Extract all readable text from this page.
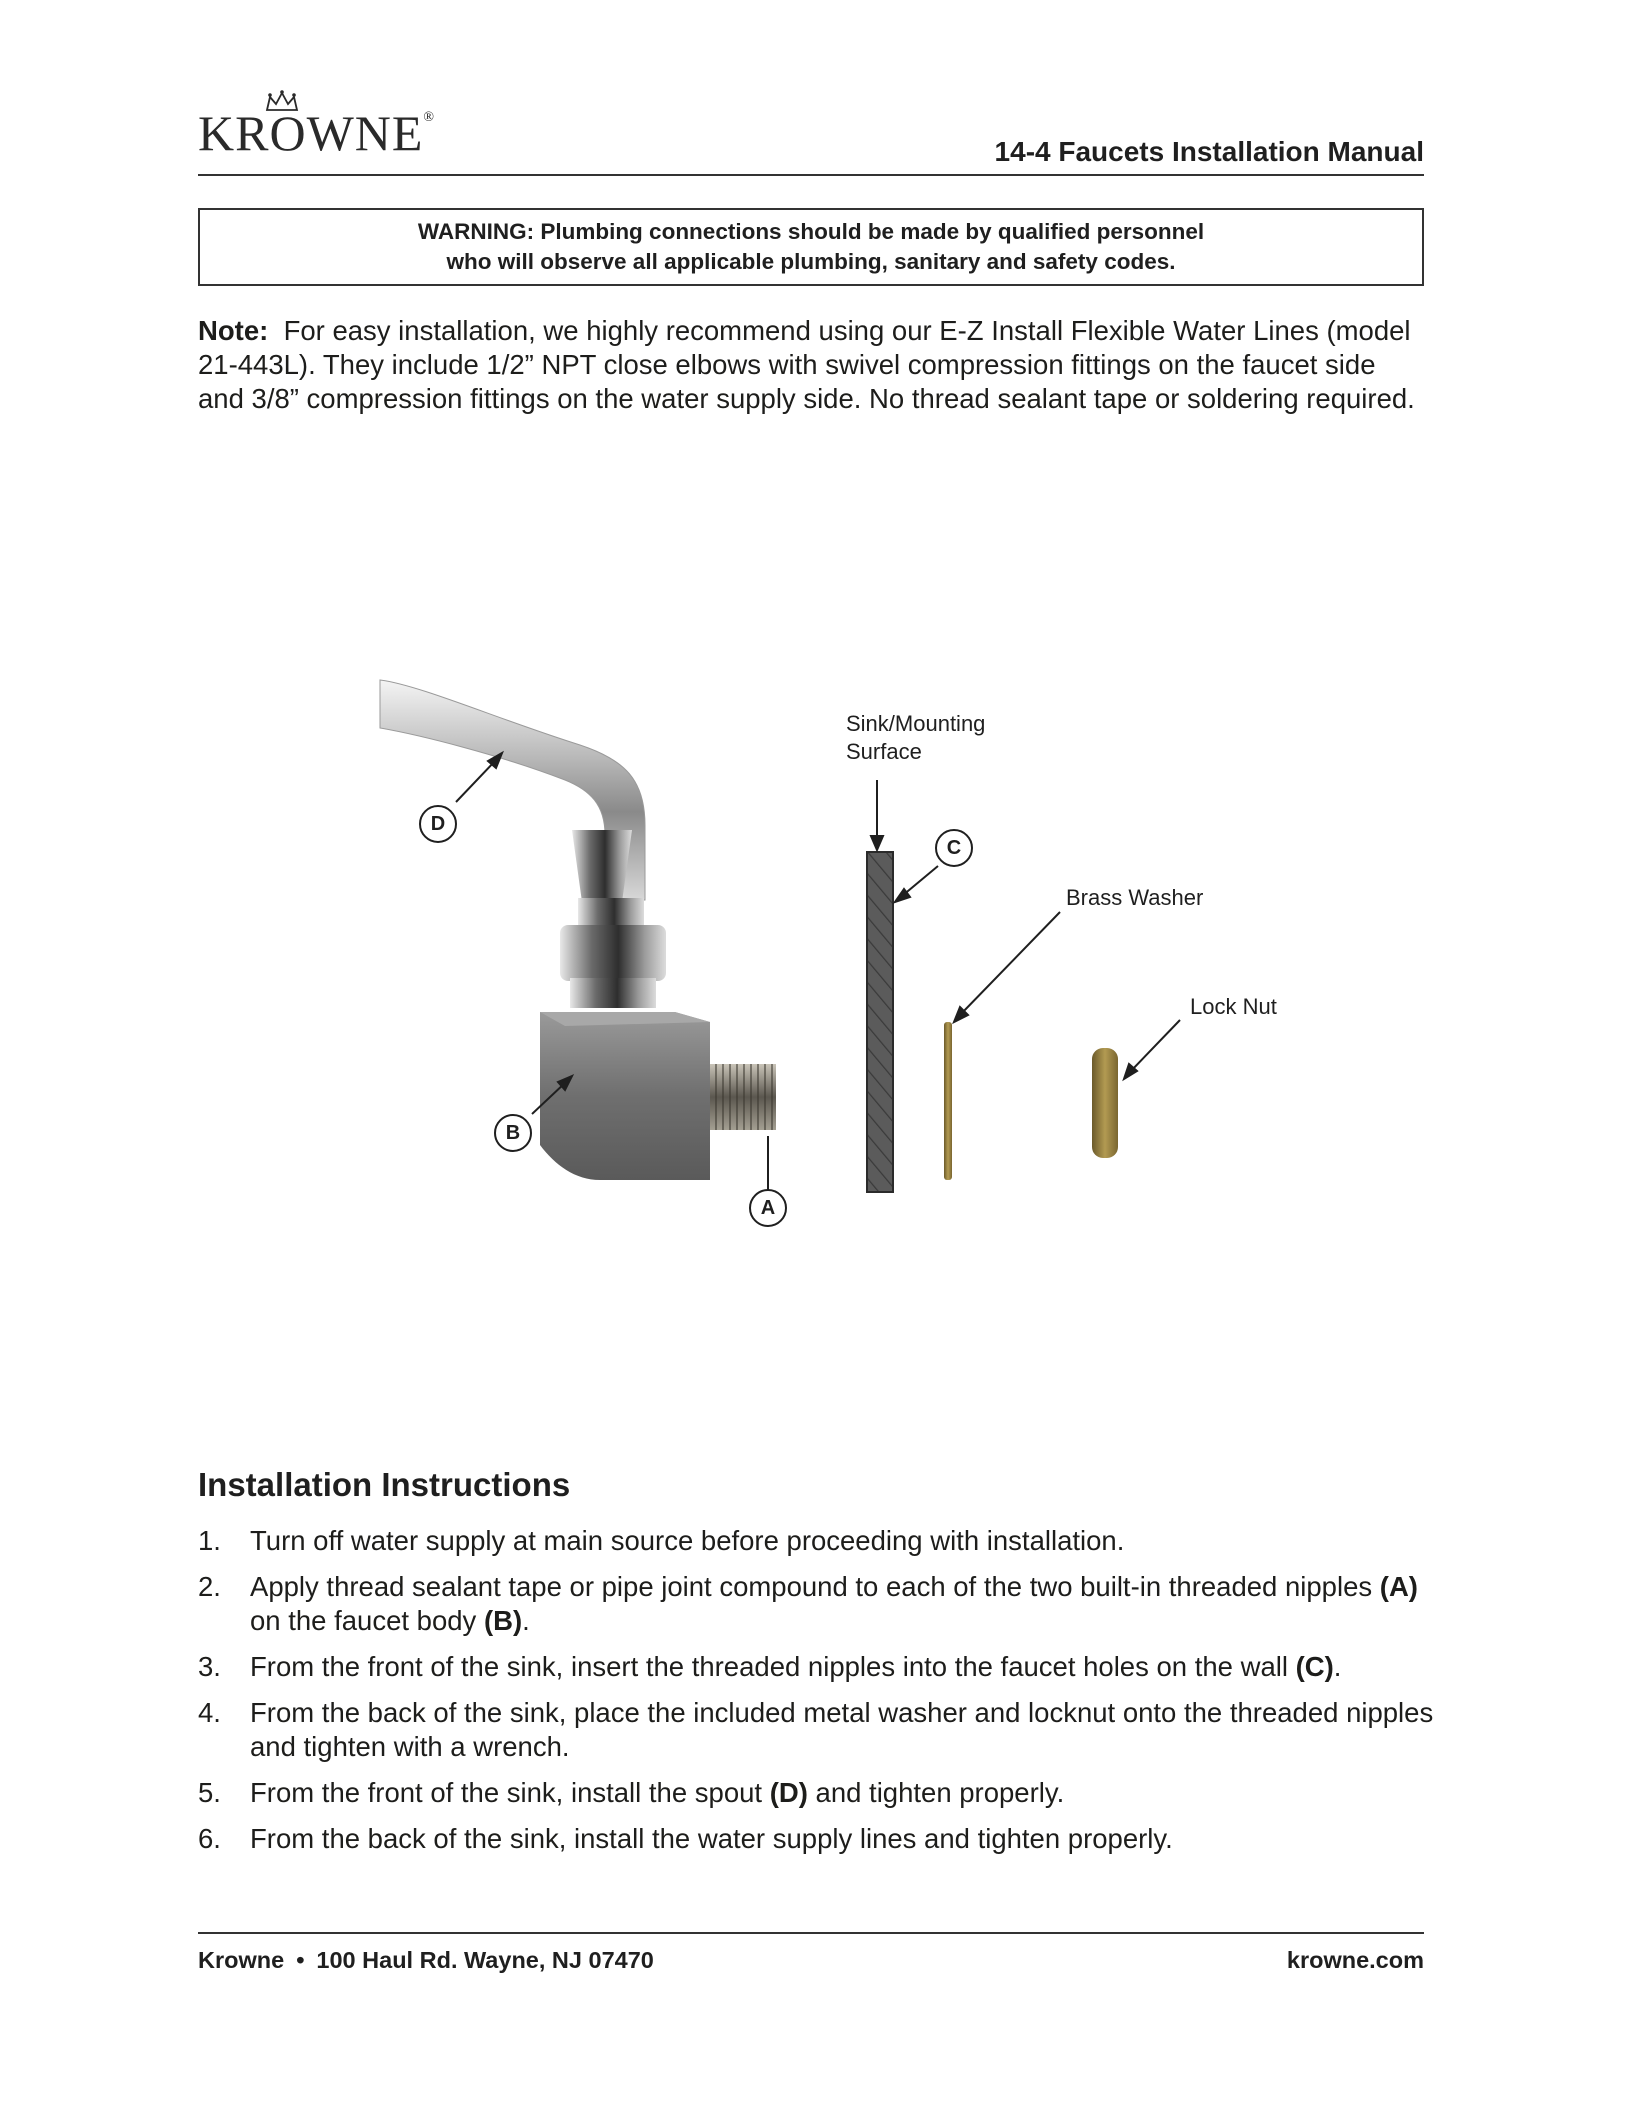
KROWNE®
14-4 Faucets Installation Manual
WARNING: Plumbing connections should be made by qualified personnel
who will observe all applicable plumbing, sanitary and safety codes.
Note: For easy installation, we highly recommend using our E-Z Install Flexible Water Lines (model 21-443L). They include 1/2” NPT close elbows with swivel compression fittings on the faucet side and 3/8” compression fittings on the water supply side. No thread sealant tape or soldering required.
Sink/Mounting
Surface
Brass Washer
Lock Nut
D
B
A
C
Installation Instructions
1. Turn off water supply at main source before proceeding with installation.
2. Apply thread sealant tape or pipe joint compound to each of the two built-in threaded nipples (A) on the faucet body (B).
3. From the front of the sink, insert the threaded nipples into the faucet holes on the wall (C).
4. From the back of the sink, place the included metal washer and locknut onto the threaded nipples and tighten with a wrench.
5. From the front of the sink, install the spout (D) and tighten properly.
6. From the back of the sink, install the water supply lines and tighten properly.
Krowne • 100 Haul Rd. Wayne, NJ 07470	krowne.com
